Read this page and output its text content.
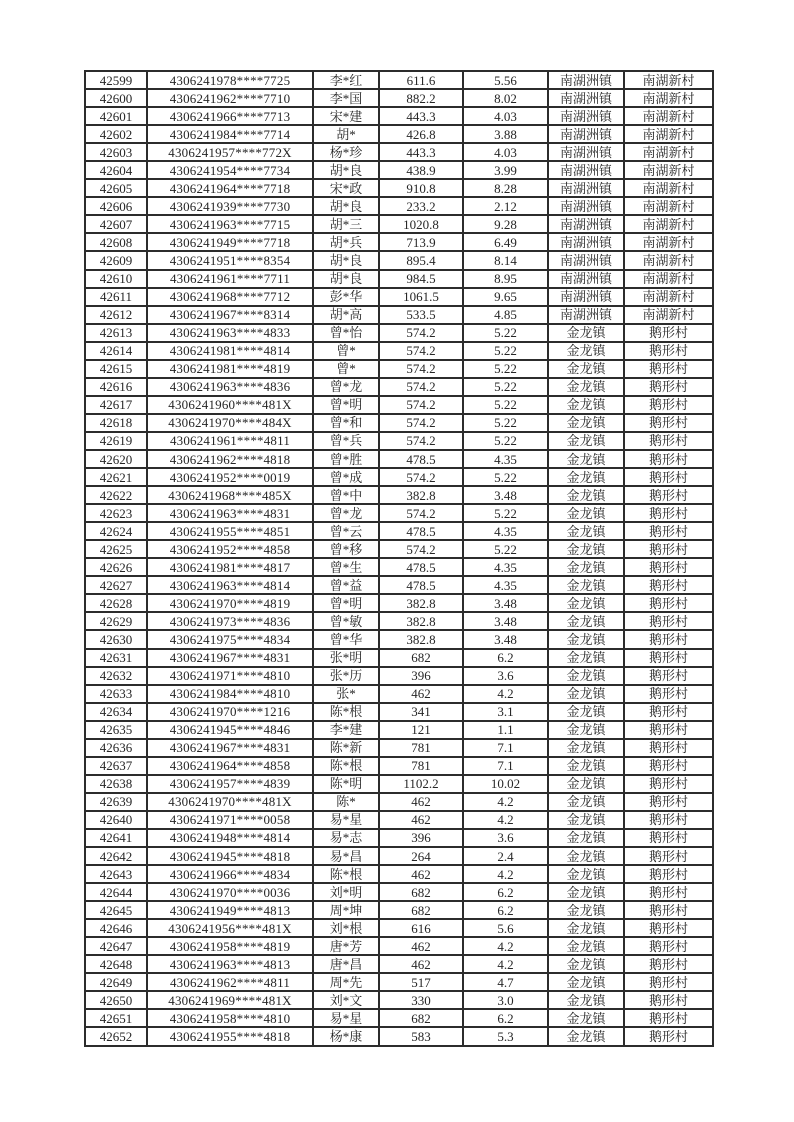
42599	4306241978****7725	李*红	611.6	5.56	南湖洲镇	南湖新村
42600	4306241962****7710	李*国	882.2	8.02	南湖洲镇	南湖新村
42601	4306241966****7713	宋*建	443.3	4.03	南湖洲镇	南湖新村
42602	4306241984****7714	胡*	426.8	3.88	南湖洲镇	南湖新村
42603	4306241957****772X	杨*珍	443.3	4.03	南湖洲镇	南湖新村
42604	4306241954****7734	胡*良	438.9	3.99	南湖洲镇	南湖新村
42605	4306241964****7718	宋*政	910.8	8.28	南湖洲镇	南湖新村
42606	4306241939****7730	胡*良	233.2	2.12	南湖洲镇	南湖新村
42607	4306241963****7715	胡*三	1020.8	9.28	南湖洲镇	南湖新村
42608	4306241949****7718	胡*兵	713.9	6.49	南湖洲镇	南湖新村
42609	4306241951****8354	胡*良	895.4	8.14	南湖洲镇	南湖新村
42610	4306241961****7711	胡*良	984.5	8.95	南湖洲镇	南湖新村
42611	4306241968****7712	彭*华	1061.5	9.65	南湖洲镇	南湖新村
42612	4306241967****8314	胡*高	533.5	4.85	南湖洲镇	南湖新村
42613	4306241963****4833	曾*怡	574.2	5.22	金龙镇	鹅形村
42614	4306241981****4814	曾*	574.2	5.22	金龙镇	鹅形村
42615	4306241981****4819	曾*	574.2	5.22	金龙镇	鹅形村
42616	4306241963****4836	曾*龙	574.2	5.22	金龙镇	鹅形村
42617	4306241960****481X	曾*明	574.2	5.22	金龙镇	鹅形村
42618	4306241970****484X	曾*和	574.2	5.22	金龙镇	鹅形村
42619	4306241961****4811	曾*兵	574.2	5.22	金龙镇	鹅形村
42620	4306241962****4818	曾*胜	478.5	4.35	金龙镇	鹅形村
42621	4306241952****0019	曾*成	574.2	5.22	金龙镇	鹅形村
42622	4306241968****485X	曾*中	382.8	3.48	金龙镇	鹅形村
42623	4306241963****4831	曾*龙	574.2	5.22	金龙镇	鹅形村
42624	4306241955****4851	曾*云	478.5	4.35	金龙镇	鹅形村
42625	4306241952****4858	曾*移	574.2	5.22	金龙镇	鹅形村
42626	4306241981****4817	曾*生	478.5	4.35	金龙镇	鹅形村
42627	4306241963****4814	曾*益	478.5	4.35	金龙镇	鹅形村
42628	4306241970****4819	曾*明	382.8	3.48	金龙镇	鹅形村
42629	4306241973****4836	曾*敏	382.8	3.48	金龙镇	鹅形村
42630	4306241975****4834	曾*华	382.8	3.48	金龙镇	鹅形村
42631	4306241967****4831	张*明	682	6.2	金龙镇	鹅形村
42632	4306241971****4810	张*历	396	3.6	金龙镇	鹅形村
42633	4306241984****4810	张*	462	4.2	金龙镇	鹅形村
42634	4306241970****1216	陈*根	341	3.1	金龙镇	鹅形村
42635	4306241945****4846	李*建	121	1.1	金龙镇	鹅形村
42636	4306241967****4831	陈*新	781	7.1	金龙镇	鹅形村
42637	4306241964****4858	陈*根	781	7.1	金龙镇	鹅形村
42638	4306241957****4839	陈*明	1102.2	10.02	金龙镇	鹅形村
42639	4306241970****481X	陈*	462	4.2	金龙镇	鹅形村
42640	4306241971****0058	易*星	462	4.2	金龙镇	鹅形村
42641	4306241948****4814	易*志	396	3.6	金龙镇	鹅形村
42642	4306241945****4818	易*昌	264	2.4	金龙镇	鹅形村
42643	4306241966****4834	陈*根	462	4.2	金龙镇	鹅形村
42644	4306241970****0036	刘*明	682	6.2	金龙镇	鹅形村
42645	4306241949****4813	周*坤	682	6.2	金龙镇	鹅形村
42646	4306241956****481X	刘*根	616	5.6	金龙镇	鹅形村
42647	4306241958****4819	唐*芳	462	4.2	金龙镇	鹅形村
42648	4306241963****4813	唐*昌	462	4.2	金龙镇	鹅形村
42649	4306241962****4811	周*先	517	4.7	金龙镇	鹅形村
42650	4306241969****481X	刘*文	330	3.0	金龙镇	鹅形村
42651	4306241958****4810	易*星	682	6.2	金龙镇	鹅形村
42652	4306241955****4818	杨*康	583	5.3	金龙镇	鹅形村
